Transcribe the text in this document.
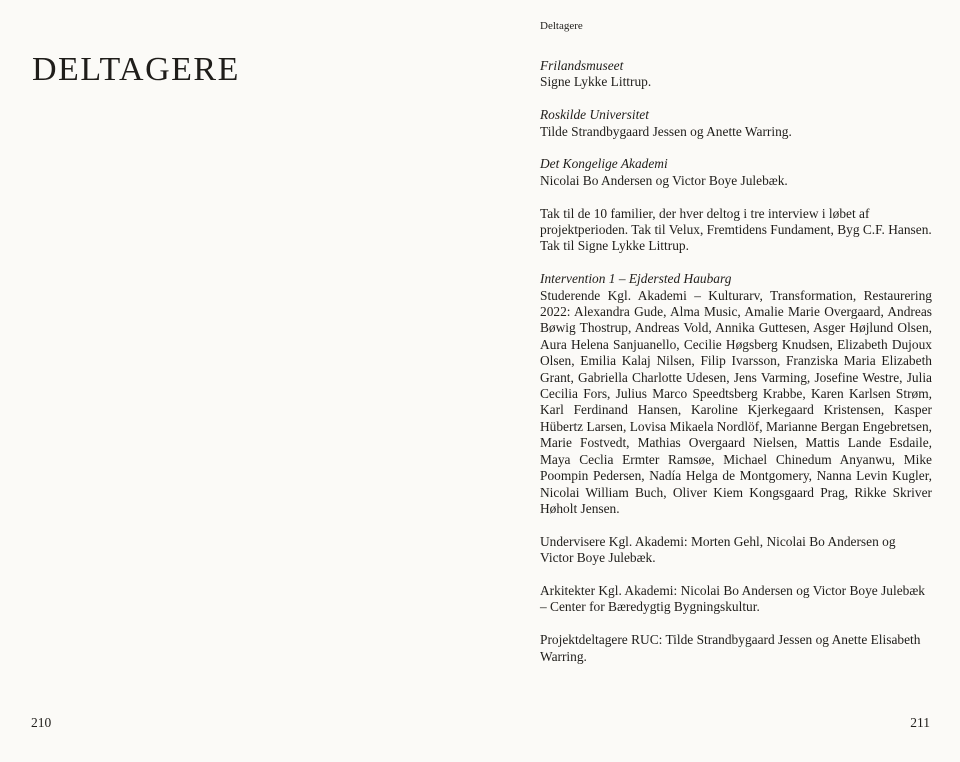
DELTAGERE
210
Deltagere
Frilandsmuseet

Signe Lykke Littrup.

Roskilde Universitet

Tilde Strandbygaard Jessen og Anette Warring.

Det Kongelige Akademi

Nicolai Bo Andersen og Victor Boye Julebæk.

Tak til de 10 familier, der hver deltog i tre interview i løbet af projektperioden. Tak til Velux, Fremtidens Fundament, Byg C.F. Hansen. Tak til Signe Lykke Littrup.

Intervention 1 – Ejdersted Haubarg

Studerende Kgl. Akademi – Kulturarv, Transformation, Restaurering 2022: Alexandra Gude, Alma Music, Amalie Marie Overgaard, Andreas Bøwig Thostrup, Andreas Vold, Annika Guttesen, Asger Højlund Olsen, Aura Helena Sanjuanello, Cecilie Høgsberg Knudsen, Elizabeth Dujoux Olsen, Emilia Kalaj Nilsen, Filip Ivarsson, Franziska Maria Elizabeth Grant, Gabriella Charlotte Udesen, Jens Varming, Josefine Westre, Julia Cecilia Fors, Julius Marco Speedtsberg Krabbe, Karen Karlsen Strøm, Karl Ferdinand Hansen, Karoline Kjerkegaard Kristensen, Kasper Hübertz Larsen, Lovisa Mikaela Nordlöf, Marianne Bergan Engebretsen, Marie Fostvedt, Mathias Overgaard Nielsen, Mattis Lande Esdaile, Maya Ceclia Ermter Ramsøe, Michael Chinedum Anyanwu, Mike Poompin Pedersen, Nadía Helga de Montgomery, Nanna Levin Kugler, Nicolai William Buch, Oliver Kiem Kongsgaard Prag, Rikke Skriver Høholt Jensen.

Undervisere Kgl. Akademi: Morten Gehl, Nicolai Bo Andersen og Victor Boye Julebæk.

Arkitekter Kgl. Akademi: Nicolai Bo Andersen og Victor Boye Julebæk – Center for Bæredygtig Bygningskultur.

Projektdeltagere RUC: Tilde Strandbygaard Jessen og Anette Elisabeth Warring.

211
